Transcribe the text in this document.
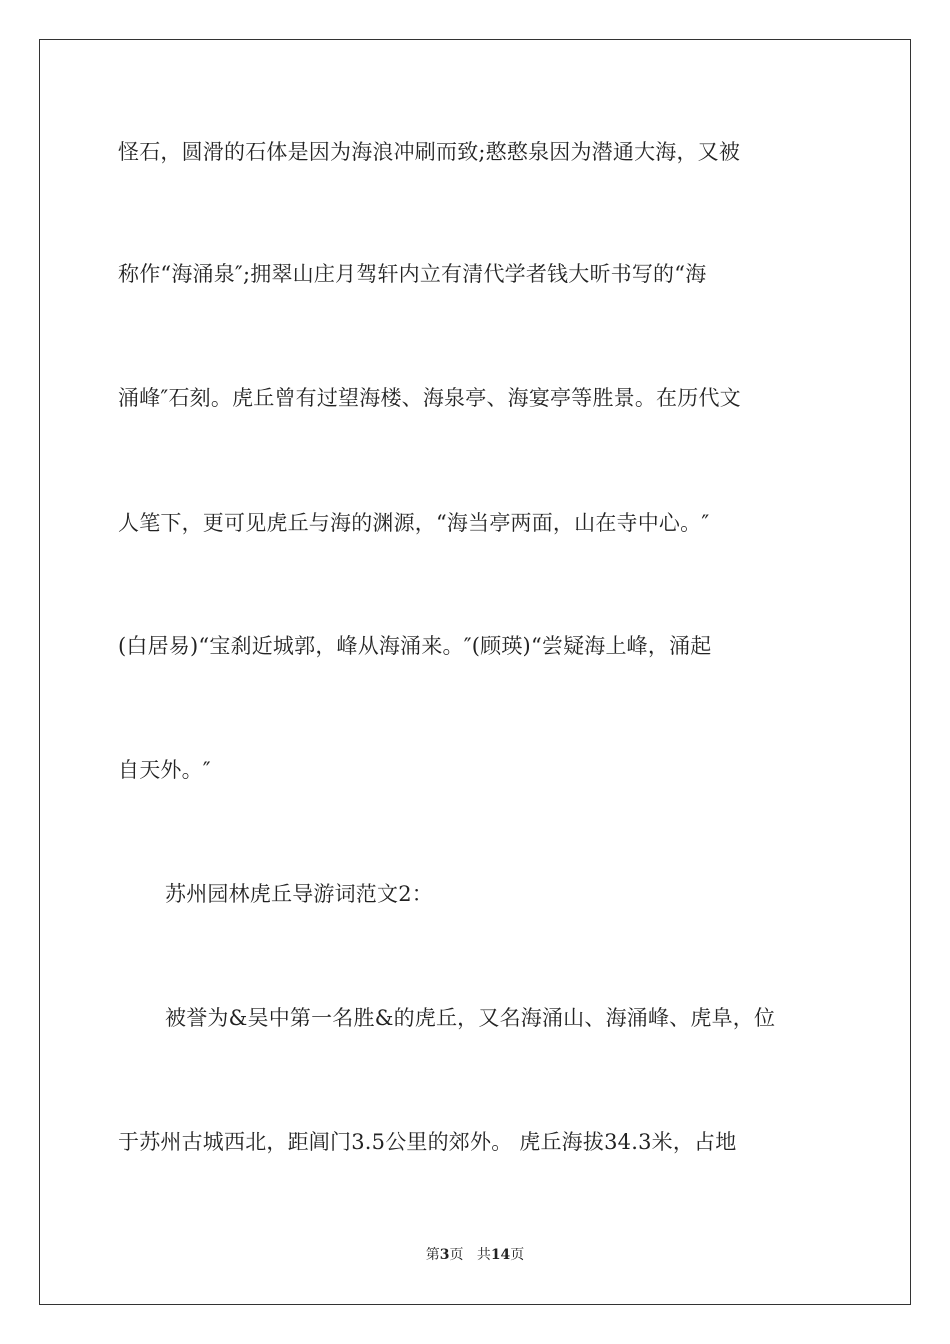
怪石，圆滑的石体是因为海浪冲刷而致;憨憨泉因为潜通大海，又被

称作“海涌泉″;拥翠山庄月驾轩内立有清代学者钱大昕书写的“海

涌峰″石刻。虎丘曾有过望海楼、海泉亭、海宴亭等胜景。在历代文

人笔下，更可见虎丘与海的渊源，“海当亭两面，山在寺中心。″

(白居易)“宝刹近城郭，峰从海涌来。″(顾瑛)“尝疑海上峰，涌起

自天外。″

苏州园林虎丘导游词范文2：

被誉为&吴中第一名胜&的虎丘，又名海涌山、海涌峰、虎阜，位

于苏州古城西北，距阊门3.5公里的郊外。 虎丘海拔34.3米，占地

第3页 共14页
